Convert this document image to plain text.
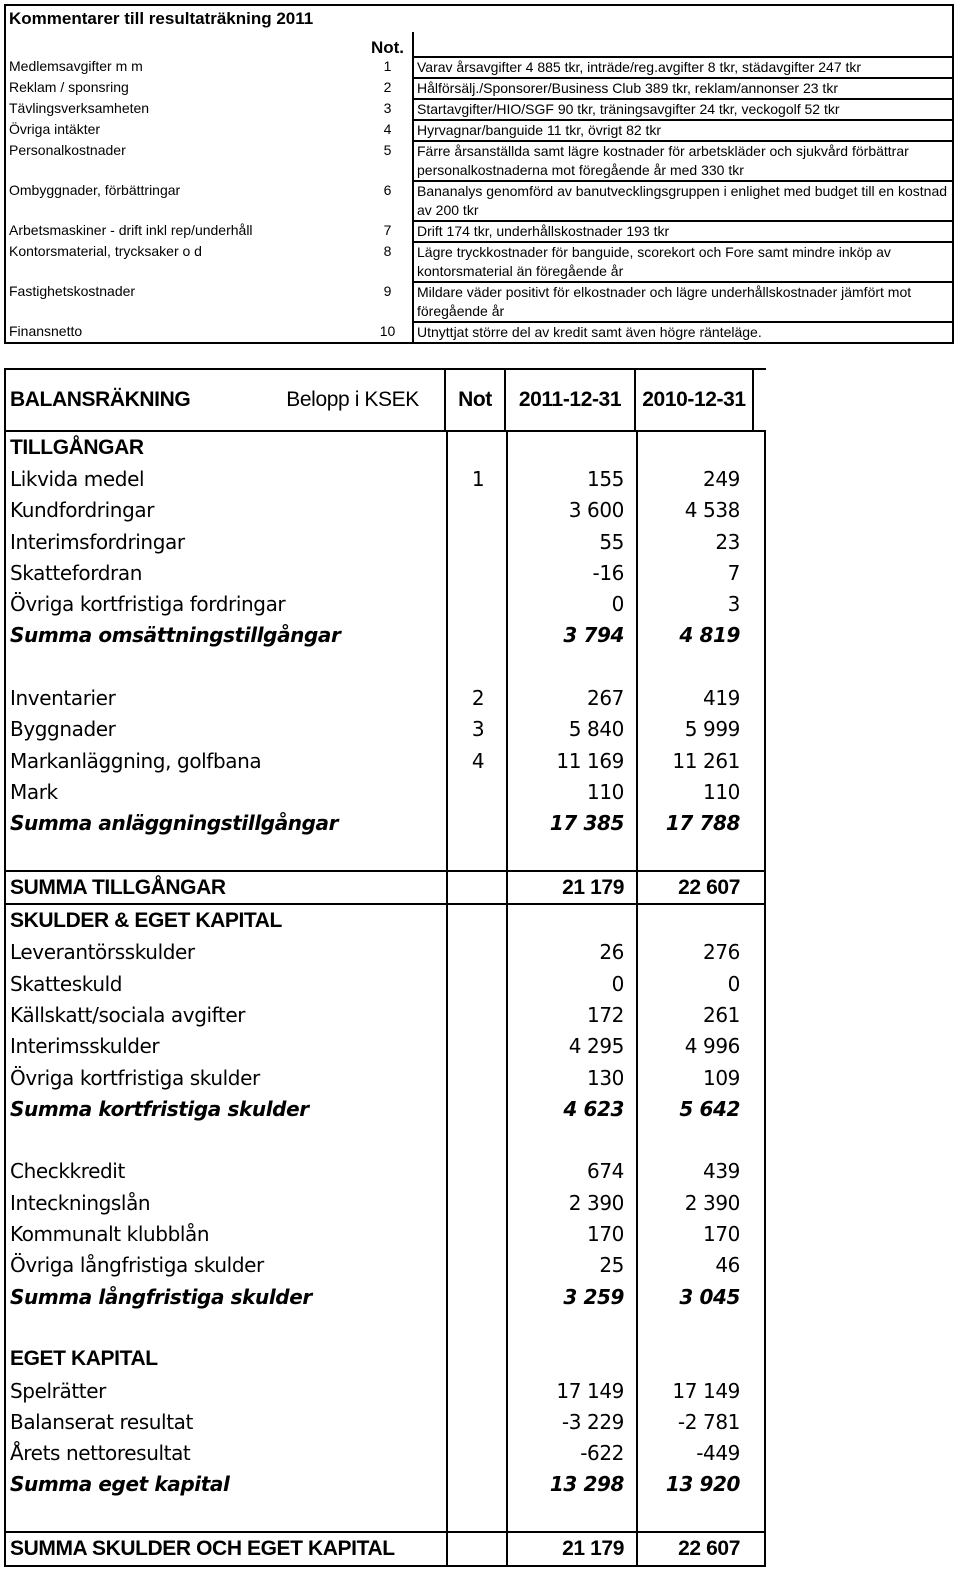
Kommentarer till resultaträkning 2011		
	Not.	
Medlemsavgifter m m	1	Varav årsavgifter 4 885 tkr, inträde/reg.avgifter 8 tkr, städavgifter 247 tkr
Reklam / sponsring	2	Hålförsälj./Sponsorer/Business Club 389 tkr, reklam/annonser 23 tkr
Tävlingsverksamheten	3	Startavgifter/HIO/SGF 90 tkr, träningsavgifter 24 tkr, veckogolf 52 tkr
Övriga intäkter	4	Hyrvagnar/banguide 11 tkr, övrigt 82 tkr
Personalkostnader	5	Färre årsanställda samt lägre kostnader för arbetskläder och sjukvård förbättrar personalkostnaderna mot föregående år med 330 tkr
Ombyggnader, förbättringar	6	Bananalys genomförd av banutvecklingsgruppen i enlighet med budget till en kostnad av 200 tkr
Arbetsmaskiner - drift inkl rep/underhåll	7	Drift 174 tkr, underhållskostnader 193 tkr
Kontorsmaterial, trycksaker o d	8	Lägre tryckkostnader för banguide, scorekort och Fore samt mindre inköp av kontorsmaterial än föregående år
Fastighetskostnader	9	Mildare väder positivt för elkostnader och lägre underhållskostnader jämfört mot föregående år
Finansnetto	10	Utnyttjat större del av kredit samt även högre ränteläge.
BALANSRÄKNING	Belopp i KSEK	Not	2011-12-31	2010-12-31
TILLGÅNGAR
Likvida medel	1	155	249
Kundfordringar	3 600	4 538
Interimsfordringar	55	23
Skattefordran	-16	7
Övriga kortfristiga fordringar	0	3
Summa omsättningstillgångar	3 794	4 819
Inventarier	2	267	419
Byggnader	3	5 840	5 999
Markanläggning, golfbana	4	11 169	11 261
Mark	110	110
Summa anläggningstillgångar	17 385	17 788
SUMMA TILLGÅNGAR	21 179	22 607
SKULDER & EGET KAPITAL
Leverantörsskulder	26	276
Skatteskuld	0	0
Källskatt/sociala avgifter	172	261
Interimsskulder	4 295	4 996
Övriga kortfristiga skulder	130	109
Summa kortfristiga skulder	4 623	5 642
Checkkredit	674	439
Inteckningslån	2 390	2 390
Kommunalt klubblån	170	170
Övriga långfristiga skulder	25	46
Summa långfristiga skulder	3 259	3 045
EGET KAPITAL
Spelrätter	17 149	17 149
Balanserat resultat	-3 229	-2 781
Årets nettoresultat	-622	-449
Summa eget kapital	13 298	13 920
SUMMA SKULDER OCH EGET KAPITAL	21 179	22 607
